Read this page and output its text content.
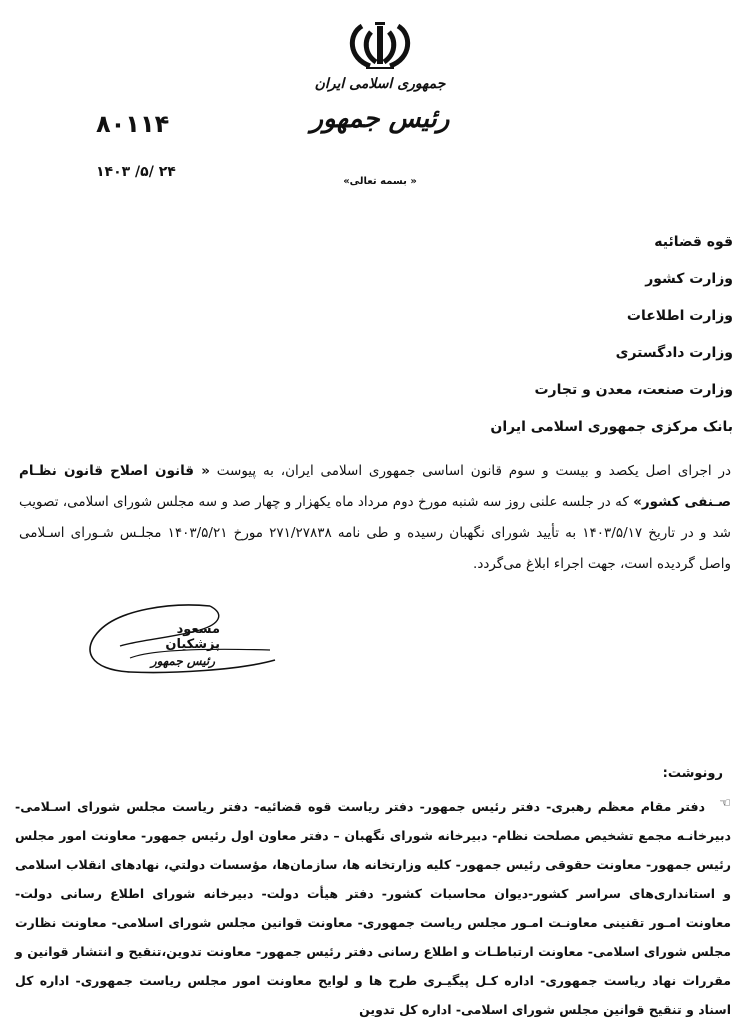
جمهوری اسلامی ایران
رئیس جمهور
« بسمه تعالی»
۸۰۱۱۴
۱۴۰۳ /۵/ ۲۴
قوه قضائیه
وزارت کشور
وزارت اطلاعات
وزارت دادگستری
وزارت صنعت، معدن و تجارت
بانک مرکزی جمهوری اسلامی ایران
در اجرای اصل یکصد و بیست و سوم قانون اساسی جمهوری اسلامی ایران، به پیوست « قانون اصلاح قانون نظـام صـنفی کشور» که در جلسه علنی روز سه شنبه مورخ دوم مرداد ماه یکهزار و چهار صد و سه مجلس شورای اسلامی، تصویب شد و در تاریخ ۱۴۰۳/۵/۱۷ به تأیید شورای نگهبان رسیده و طی نامه ۲۷۱/۲۷۸۳۸ مورخ ۱۴۰۳/۵/۲۱ مجلـس شـورای اسـلامی واصل گردیده است، جهت اجراء ابلاغ می‌گردد.
مسعود پزشکیان
رئیس جمهور
رونوشت:
☜
دفتر مقام معظم رهبری- دفتر رئیس جمهور- دفتر ریاست قوه قضائیه- دفتر ریاست مجلس شورای اسـلامی- دبیرخانـه مجمع تشخیص مصلحت نظام- دبیرخانه شورای نگهبان – دفتر معاون اول رئیس جمهور- معاونت امور مجلس رئیس جمهور- معاونت حقوقی رئیس جمهور- کلیه وزارتخانه ها، سازمان‌ها، مؤسسات دولتي، نهادهای انقلاب اسلامی و استانداری‌های سراسر کشور-دیوان محاسبات کشور- دفتر هیأت دولت- دبیرخانه شورای اطلاع رسانی دولت- معاونت امـور تقنینی معاونـت امـور مجلس ریاست جمهوری- معاونت قوانین مجلس شورای اسلامی- معاونت نظارت مجلس شورای اسلامی- معاونت ارتباطـات و اطلاع رسانی دفتر رئیس جمهور- معاونت تدوین،تنقیح و انتشار قوانین و مقررات نهاد ریاست جمهوری- اداره کـل پیگیـری طرح ها و لوایح معاونت امور مجلس ریاست جمهوری- اداره کل اسناد و تنقیح قوانین مجلس شورای اسلامی- اداره کل تدوین
